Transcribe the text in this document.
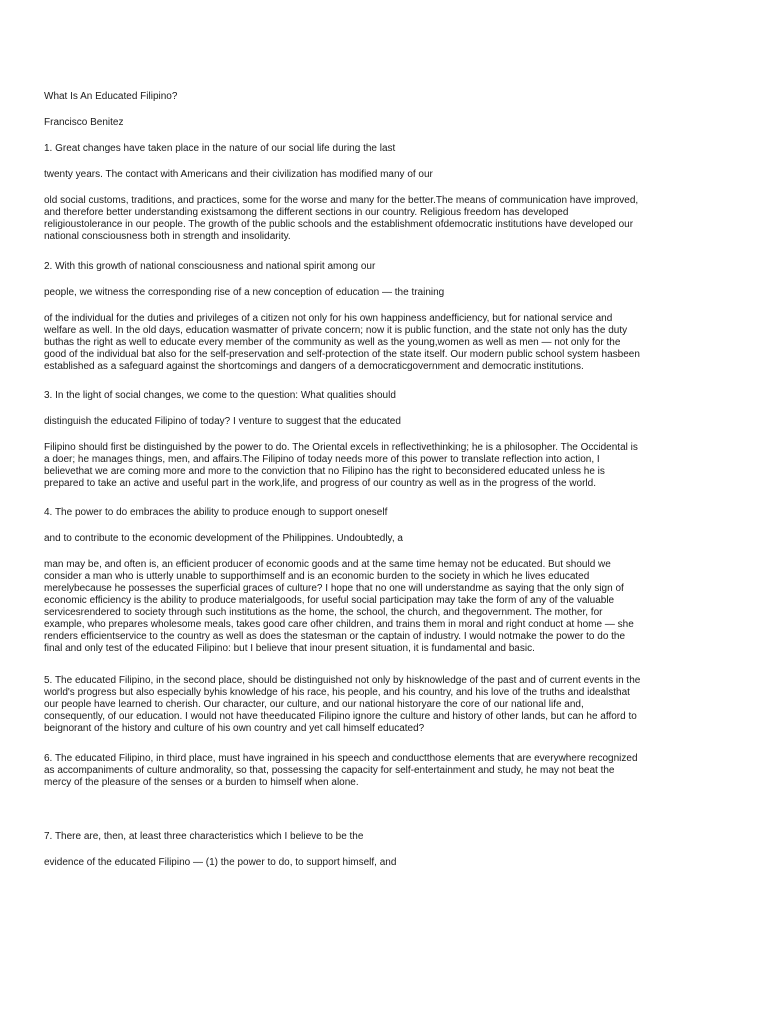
What Is An Educated Filipino?

Francisco Benitez

1. Great changes have taken place in the nature of our social life during the last

twenty years. The contact with Americans and their civilization has modified many of our

old social customs, traditions, and practices, some for the worse and many for the better.The means of communication have improved,
and therefore better understanding existsamong the different sections in our country. Religious freedom has developed
religioustolerance in our people. The growth of the public schools and the establishment ofdemocratic institutions have developed our
national consciousness both in strength and insolidarity.

2. With this growth of national consciousness and national spirit among our

people, we witness the corresponding rise of a new conception of education — the training

of the individual for the duties and privileges of a citizen not only for his own happiness andefficiency, but for national service and
welfare as well. In the old days, education wasmatter of private concern; now it is public function, and the state not only has the duty
buthas the right as well to educate every member of the community as well as the young,women as well as men — not only for the
good of the individual bat also for the self-preservation and self-protection of the state itself. Our modern public school system hasbeen
established as a safeguard against the shortcomings and dangers of a democraticgovernment and democratic institutions.

3. In the light of social changes, we come to the question: What qualities should

distinguish the educated Filipino of today? I venture to suggest that the educated

Filipino should first be distinguished by the power to do. The Oriental excels in reflectivethinking; he is a philosopher. The Occidental is
a doer; he manages things, men, and affairs.The Filipino of today needs more of this power to translate reflection into action, I
believethat we are coming more and more to the conviction that no Filipino has the right to beconsidered educated unless he is
prepared to take an active and useful part in the work,life, and progress of our country as well as in the progress of the world.

4. The power to do embraces the ability to produce enough to support oneself

and to contribute to the economic development of the Philippines. Undoubtedly, a

man may be, and often is, an efficient producer of economic goods and at the same time hemay not be educated. But should we
consider a man who is utterly unable to supporthimself and is an economic burden to the society in which he lives educated
merelybecause he possesses the superficial graces of culture? I hope that no one will understandme as saying that the only sign of
economic efficiency is the ability to produce materialgoods, for useful social participation may take the form of any of the valuable
servicesrendered to society through such institutions as the home, the school, the church, and thegovernment. The mother, for
example, who prepares wholesome meals, takes good care ofher children, and trains them in moral and right conduct at home — she
renders efficientservice to the country as well as does the statesman or the captain of industry. I would notmake the power to do the
final and only test of the educated Filipino: but I believe that inour present situation, it is fundamental and basic.

5. The educated Filipino, in the second place, should be distinguished not only by hisknowledge of the past and of current events in the
world's progress but also especially byhis knowledge of his race, his people, and his country, and his love of the truths and idealsthat
our people have learned to cherish. Our character, our culture, and our national historyare the core of our national life and,
consequently, of our education. I would not have theeducated Filipino ignore the culture and history of other lands, but can he afford to
beignorant of the history and culture of his own country and yet call himself educated?

6. The educated Filipino, in third place, must have ingrained in his speech and conductthose elements that are everywhere recognized
as accompaniments of culture andmorality, so that, possessing the capacity for self-entertainment and study, he may not beat the
mercy of the pleasure of the senses or a burden to himself when alone.

7. There are, then, at least three characteristics which I believe to be the

evidence of the educated Filipino — (1) the power to do, to support himself, and
